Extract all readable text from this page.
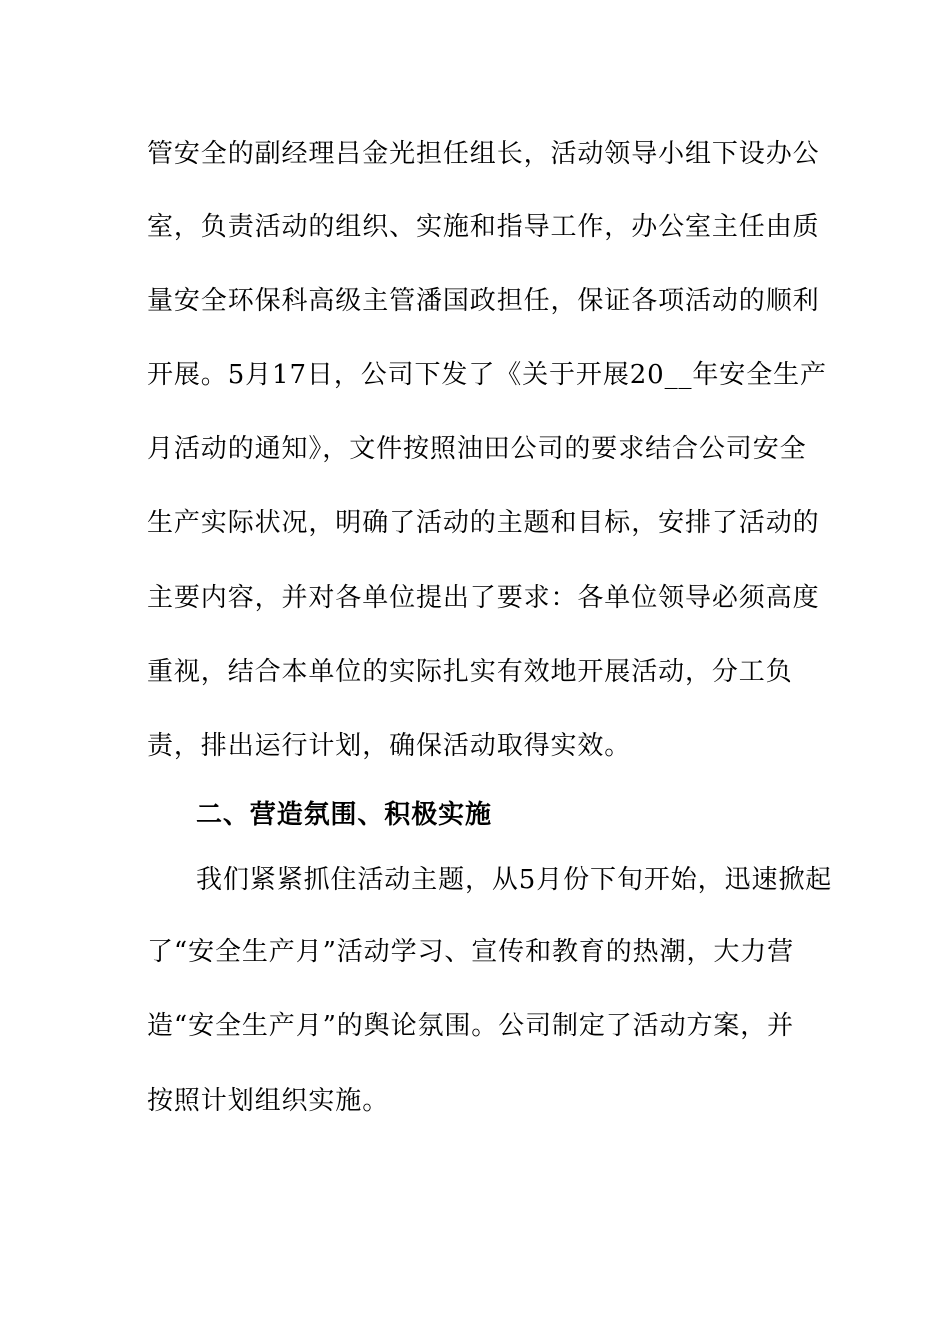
管安全的副经理吕金光担任组长，活动领导小组下设办公
室，负责活动的组织、实施和指导工作，办公室主任由质
量安全环保科高级主管潘国政担任，保证各项活动的顺利
开展。5月17日，公司下发了《关于开展20__年安全生产
月活动的通知》，文件按照油田公司的要求结合公司安全
生产实际状况，明确了活动的主题和目标，安排了活动的
主要内容，并对各单位提出了要求：各单位领导必须高度
重视，结合本单位的实际扎实有效地开展活动，分工负
责，排出运行计划，确保活动取得实效。
二、营造氛围、积极实施
我们紧紧抓住活动主题，从5月份下旬开始，迅速掀起
了“安全生产月”活动学习、宣传和教育的热潮，大力营
造“安全生产月”的舆论氛围。公司制定了活动方案，并
按照计划组织实施。
